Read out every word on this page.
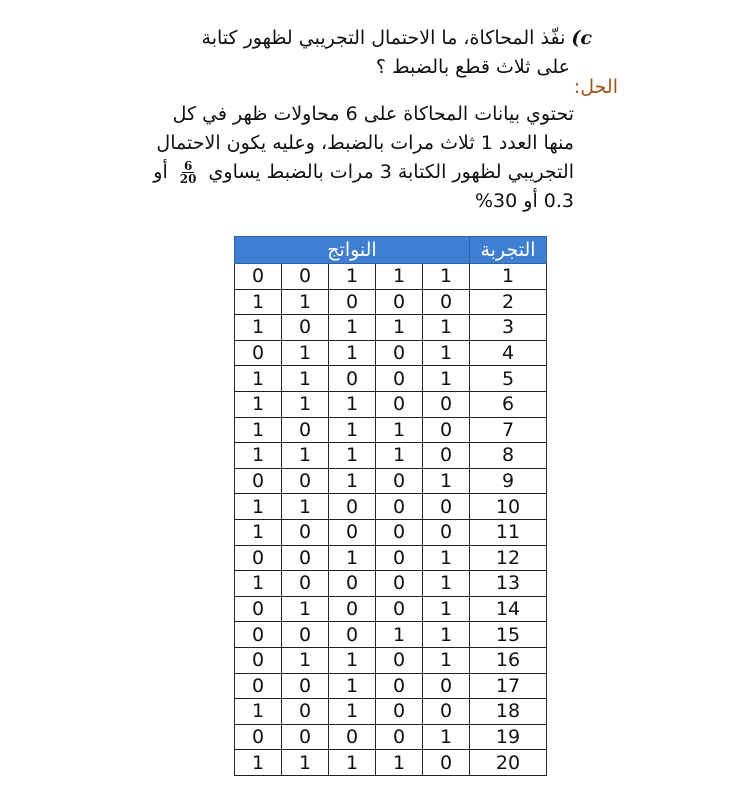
c) نفّذ المحاكاة، ما الاحتمال التجريبي لظهور كتابة
على ثلاث قطع بالضبط ؟
الحل:
تحتوي بيانات المحاكاة على 6 محاولات ظهر في كل
منها العدد 1 ثلاث مرات بالضبط، وعليه يكون الاحتمال
التجريبي لظهور الكتابة 3 مرات بالضبط يساوي
$\frac{6}{20}$
أو
0.3 أو 30%
التجربة	النواتج				
1	1	1	1	0	0
2	0	0	0	1	1
3	1	1	1	0	1
4	1	0	1	1	0
5	1	0	0	1	1
6	0	0	1	1	1
7	0	1	1	0	1
8	0	1	1	1	1
9	1	0	1	0	0
10	0	0	0	1	1
11	0	0	0	0	1
12	1	0	1	0	0
13	1	0	0	0	1
14	1	0	0	1	0
15	1	1	0	0	0
16	1	0	1	1	0
17	0	0	1	0	0
18	0	0	1	0	1
19	1	0	0	0	0
20	0	1	1	1	1
